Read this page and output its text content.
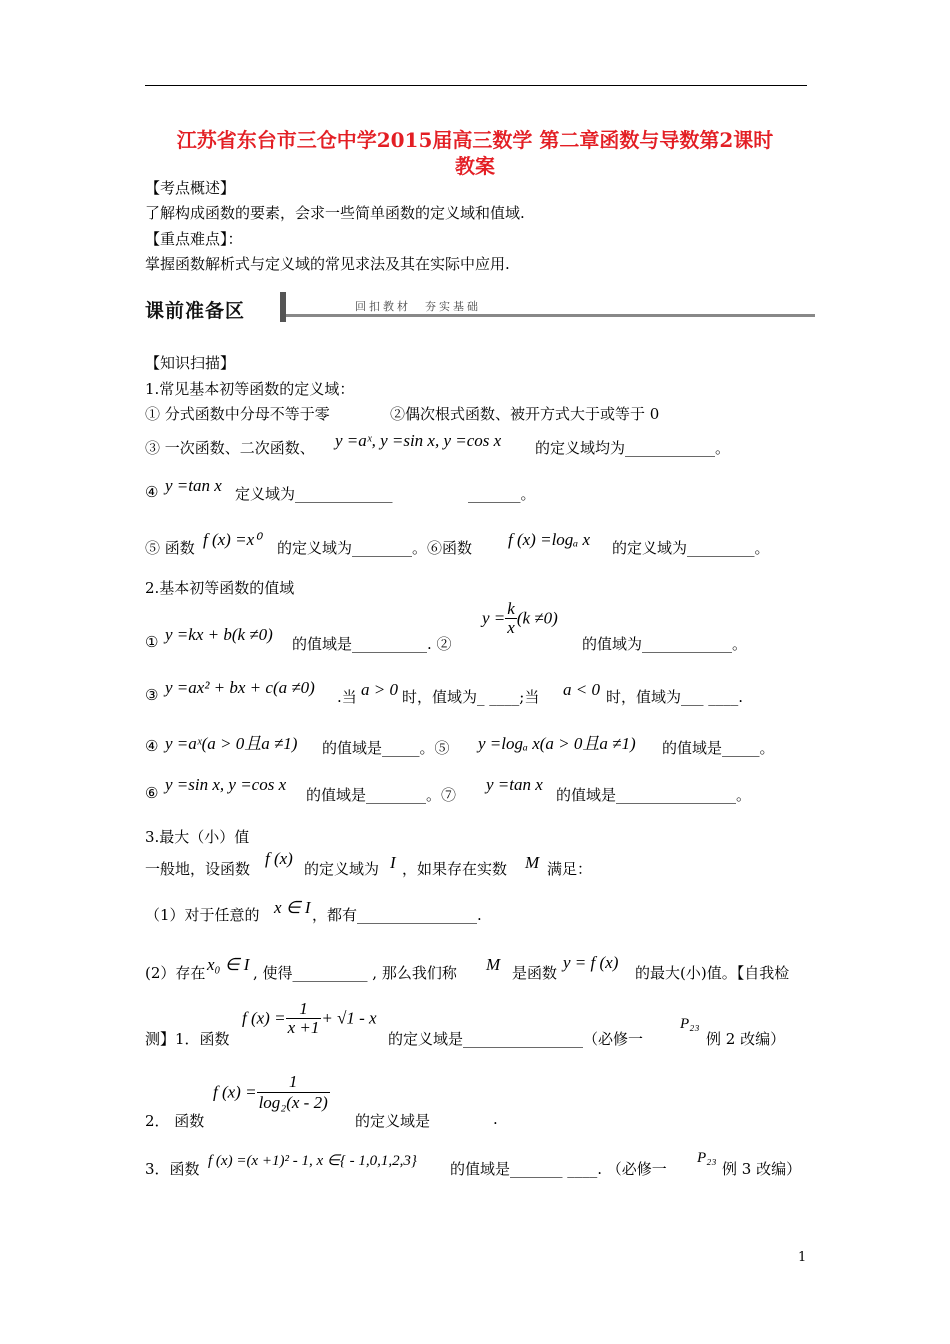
江苏省东台市三仓中学2015届高三数学 第二章函数与导数第2课时
教案
【考点概述】
了解构成函数的要素，会求一些简单函数的定义域和值域.
【重点难点】：
掌握函数解析式与定义域的常见求法及其在实际中应用.
课前准备区	回扣教材　夯实基础
【知识扫描】
1.常见基本初等函数的定义域：
① 分式函数中分母不等于零	②偶次根式函数、被开方式大于或等于 0
③ 一次函数、二次函数、 y =aˣ, y =sin x, y =cos x 的定义域均为____________。
④ y =tan x 定义域为_____________	_______。
⑤ 函数 f (x) =x⁰ 的定义域为________。⑥函数 f (x) =logₐ x 的定义域为_________。
2.基本初等函数的值域
① y =kx + b(k ≠0) 的值域是__________. ②
$y = \frac{k}{x} (k \ne 0)$
的值域为____________。
③ y =ax² + bx + c(a ≠0) .当 a > 0 时，值域为_ ____;当 a < 0 时，值域为___ ____.
④ y =aˣ(a > 0且a ≠1) 的值域是_____。⑤ y =logₐ x(a > 0且a ≠1) 的值域是_____。
⑥ y =sin x, y =cos x
的值域是________。⑦
y =tan x
的值域是________________。
3.最大（小）值
一般地，设函数
f (x)
的定义域为 I ，如果存在实数 M 满足：
（1）对于任意的 x ∈ I ，都有________________.
(2）存在 x₀ ∈ I , 使得__________ , 那么我们称 M 是函数
y = f (x)
的最大(小)值。【自我检
测】1．函数
f $(x) = \frac{1}{x +1} + √1 - x$
的定义域是________________（必修一
P₂₃
例 2 改编）
2． 函数
f $(x) = \frac{1}{\text{log₂(x - 2)}}$
的定义域是	.
3．函数 f (x) =(x +1)² - 1, x ∈{ - 1,0,1,2,3} 的值域是_______ ____. （必修一
P₂₃
例 3 改编）
1
